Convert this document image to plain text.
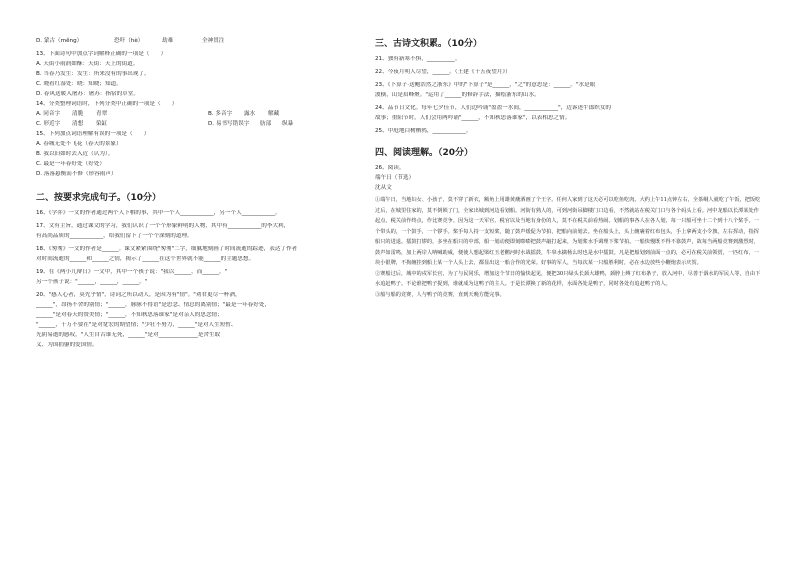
D. 蒙古（měng）	恐吓（hè）	劫难	全神贯注
13、下面诗句中加点字词解释正确的一项是（　　）
A. 天街小雨润如酥：天街：天上的街道。
B. 当春乃发生：发生：所来没有的事出现了。
C. 晓看红湿处：晓：知晓；知道。
D. 春风送暖入屠苏：屠苏：指宿的草堂。
14、分类整理词语时，下列分类中正确的一项是（　　）
A. 同音字	清脆	青翠	B. 多音字	露水	解藏
C. 形近字	清想	染缸	D. 易书写错误字	肪部	纵暴
15、下列加点词语理解有误的一项是（　　）
A. 春城无处不飞花（春天的景象）
B. 我以旧如时去入近（认为）。
C. 最是一年春好处（好处）
D. 落落悬衡而不修（形容雨声）
二、按要求完成句子。（10分）
16、《学弈》一文的作者通过两个人下棋的事，其中一个人____________，另一个人____________。
17、文有主旨，通过课文的学习，我们认识了一个个形象鲜明的人物，其中有____________的李大利，
有高尚品质的____________，给我们留下了一个个深刻的道理。
18、《匆匆》一文的作者是______。课文紧紧围绕"匆匆"二字，细腻地刻画了时间流逝的踪迹，表达了作者
对时间流逝的______和______之情，揭示了______在这个世界就不能______的主题思想。
19、在《两小儿辩日》一文中，其中一个孩子说："我以______，而______。"
另一个孩子说："______，______，______。"
20、"感人心者，莫先乎情"，诗词之所以动人，是因为有"情"。"劝君更尽一杯酒，
______"，昂扬不舍的别情；"______，脉脉不得语"是思念、情总的离别情；"最是一年春好处，
______"是对春天的赞美情；"______，不知秋思落谁家"是对亲人的思念情；
"______，千万不要在"是对宽宏的期望情；"少壮不努力，______"是对人生短暂、
光阴易逝的感叹，"人生自古谁无死，______"是对______________是舍生取
义、为国捐躯的爱国情。
三、古诗文积累。（10分）
21、独有新寒不惧，__________。
22、今夜月明人尽望，______。（王建《十五夜望月》）
23、《卜算子·送鲍浩然之浙东》中的"卜算子"是______，"之"的意思是：______。"水是眼
波横，山是眉峰聚。"运用了______的修辞手法，描绘浙东的山水。
24、品节日文化。每年七夕佳节，人们边吟诵"盈盈一水间，____________"，边诉述牛郎织女的
故事；重阳节时，人们会用两吟诵"______，不知秋思落谁家"，以表相思之情。
25、中庭地白树栖鸦，____________。
四、阅读理解。（20分）
26、阅读。
端午日（节选）
沈从文
①端午日，当地妇女、小孩子，莫不穿了新衣，额角上用雄黄蘸酒画了个王字。任何人家到了这天必可以吃鱼吃肉。大约上午11点钟左右，全茶峒人就吃了午饭，把饭吃过后，在城里住家的，莫不倒锁了门，全家出城到河边看划船。河街有熟人的，可到河街吊脚楼门口边看，不然就站在税关门口与各个码头上看。河中龙船以长潭某处作起点，税关前作终点，作比赛竞争。因为这一天军官、税官以及当地有身份的人，莫不在税关前看热闹。划船的事各人在各人划，每一只船可坐十二个到十八个桨手，一个带头的，一个鼓手，一个锣手。桨手每人持一支短桨，随了鼓声缓促为节拍，把船向前划去。坐在船头上，头上缠裹着红布包头，手上拿两支小令旗，左右挥动，指挥船只的进退。擂鼓打锣的，多坐在船只的中部，船一划动便即刻嘭嘭把鼓声敲打起来，为划桨水手调理下桨节拍。一船快慢既不得不靠鼓声，故每当两船竞赛到激烈时，鼓声如雷鸣，加上两岸人呐喊助威，便使人想起梁红玉老鹳河时水战擂鼓，牛皋水擒杨么时也是水中擂鼓。凡是把船划到前面一点的，必可在税关前领赏，一匹红布，一块小银牌，不拘缠挂到船上某一个人头上去，都显出这一船合作的光荣。好事的军人，当每次某一只船胜利时，必在水边放些小鞭炮表示庆贺。
②赛船过后，城中的戍军长官，为了与民同乐，增加这个节日的愉快起见，便把30只绿头长颈大雄鸭，颈脖上缚了红布条子，放入河中，尽善于泅水的军民人等，自由下水追赶鸭子。不论谁把鸭子捉到，谁就成为这鸭子的主人。于是长潭换了新的花样，水面各处是鸭子，同时各处有追赶鸭子的人。
③船与船的竞赛，人与鸭子的竞赛，直到天晚方能完事。
